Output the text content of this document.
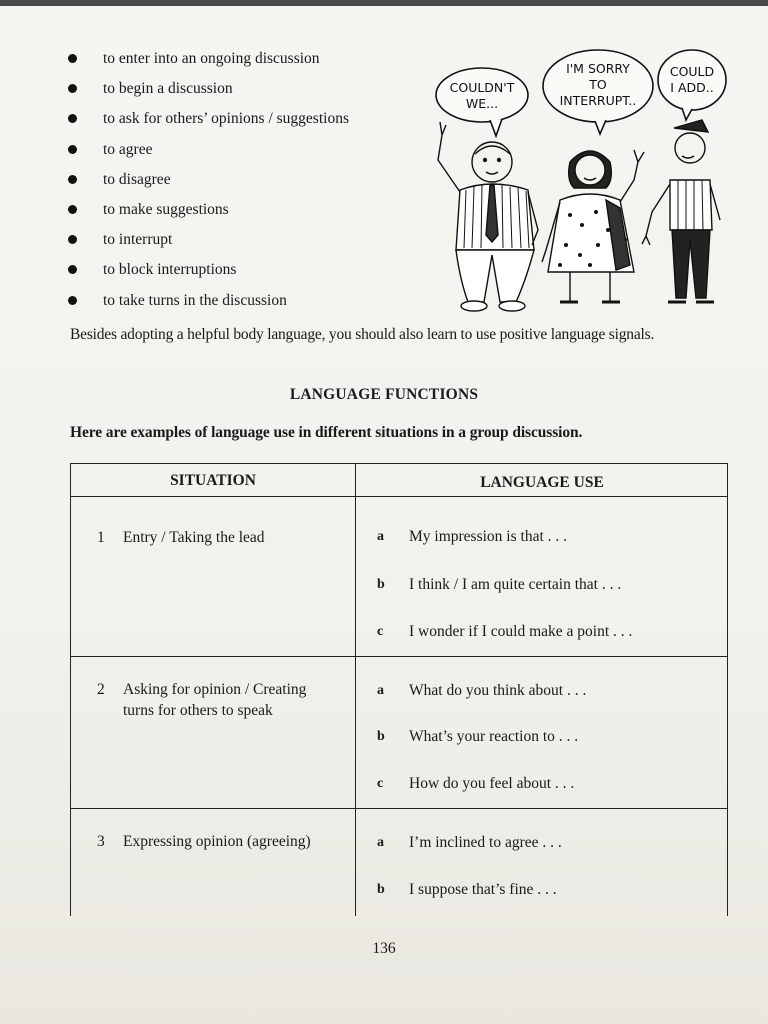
to enter into an ongoing discussion
to begin a discussion
to ask for others’ opinions / suggestions
to agree
to disagree
to make suggestions
to interrupt
to block interruptions
to take turns in the discussion
COULDN'T
WE...
I'M SORRY
TO
INTERRUPT..
COULD
I ADD..
Besides adopting a helpful body language, you should also learn to use positive language signals.
LANGUAGE FUNCTIONS
Here are examples of language use in different situations in a group discussion.
SITUATION	LANGUAGE USE
1	Entry / Taking the lead	a	My impression is that . . .
b	I think / I am quite certain that . . .
c	I wonder if I could make a point . . .
2	Asking for opinion / Creating turns for others to speak
a	What do you think about . . .
b	What’s your reaction to . . .
c	How do you feel about . . .
3	Expressing opinion (agreeing)	a	I’m inclined to agree . . .
b	I suppose that’s fine . . .
136
